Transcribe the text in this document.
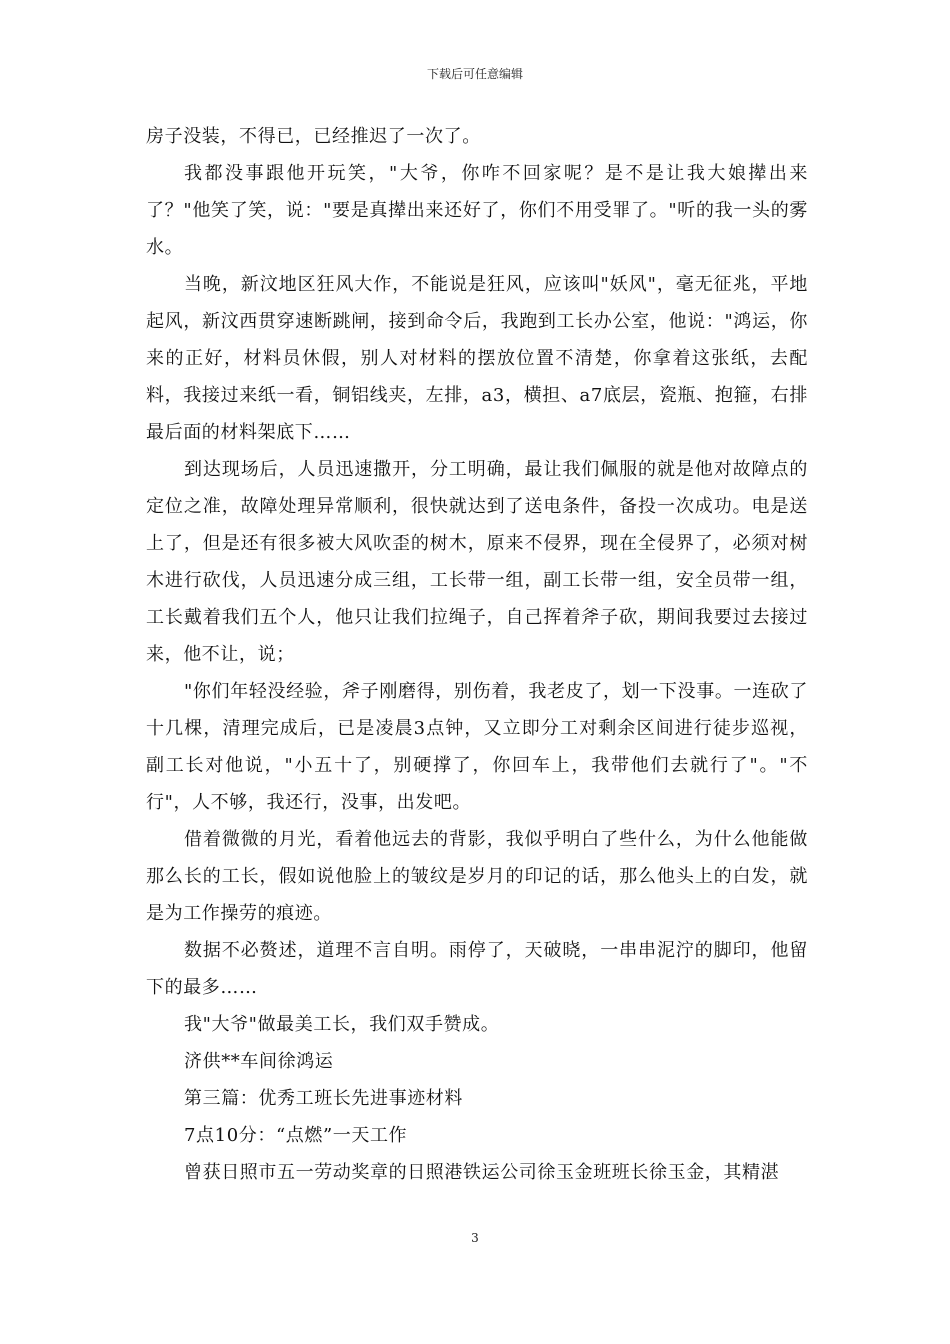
下载后可任意编辑

房子没装，不得已，已经推迟了一次了。

我都没事跟他开玩笑，"大爷，你咋不回家呢？是不是让我大娘撵出来了？"他笑了笑，说："要是真撵出来还好了，你们不用受罪了。"听的我一头的雾水。

当晚，新汶地区狂风大作，不能说是狂风，应该叫"妖风"，毫无征兆，平地起风，新汶西贯穿速断跳闸，接到命令后，我跑到工长办公室，他说："鸿运，你来的正好，材料员休假，别人对材料的摆放位置不清楚，你拿着这张纸，去配料，我接过来纸一看，铜铝线夹，左排，a3，横担、a7底层，瓷瓶、抱箍，右排最后面的材料架底下……

到达现场后，人员迅速撒开，分工明确，最让我们佩服的就是他对故障点的定位之准，故障处理异常顺利，很快就达到了送电条件，备投一次成功。电是送上了，但是还有很多被大风吹歪的树木，原来不侵界，现在全侵界了，必须对树木进行砍伐，人员迅速分成三组，工长带一组，副工长带一组，安全员带一组，工长戴着我们五个人，他只让我们拉绳子，自己挥着斧子砍，期间我要过去接过来，他不让，说；

"你们年轻没经验，斧子刚磨得，别伤着，我老皮了，划一下没事。一连砍了十几棵，清理完成后，已是凌晨3点钟，又立即分工对剩余区间进行徒步巡视，副工长对他说，"小五十了，别硬撑了，你回车上，我带他们去就行了"。"不行"，人不够，我还行，没事，出发吧。

借着微微的月光，看着他远去的背影，我似乎明白了些什么，为什么他能做那么长的工长，假如说他脸上的皱纹是岁月的印记的话，那么他头上的白发，就是为工作操劳的痕迹。

数据不必赘述，道理不言自明。雨停了，天破晓，一串串泥泞的脚印，他留下的最多……

我"大爷"做最美工长，我们双手赞成。

济供**车间徐鸿运

第三篇：优秀工班长先进事迹材料

7点10分：“点燃”一天工作

曾获日照市五一劳动奖章的日照港铁运公司徐玉金班班长徐玉金，其精湛

3
